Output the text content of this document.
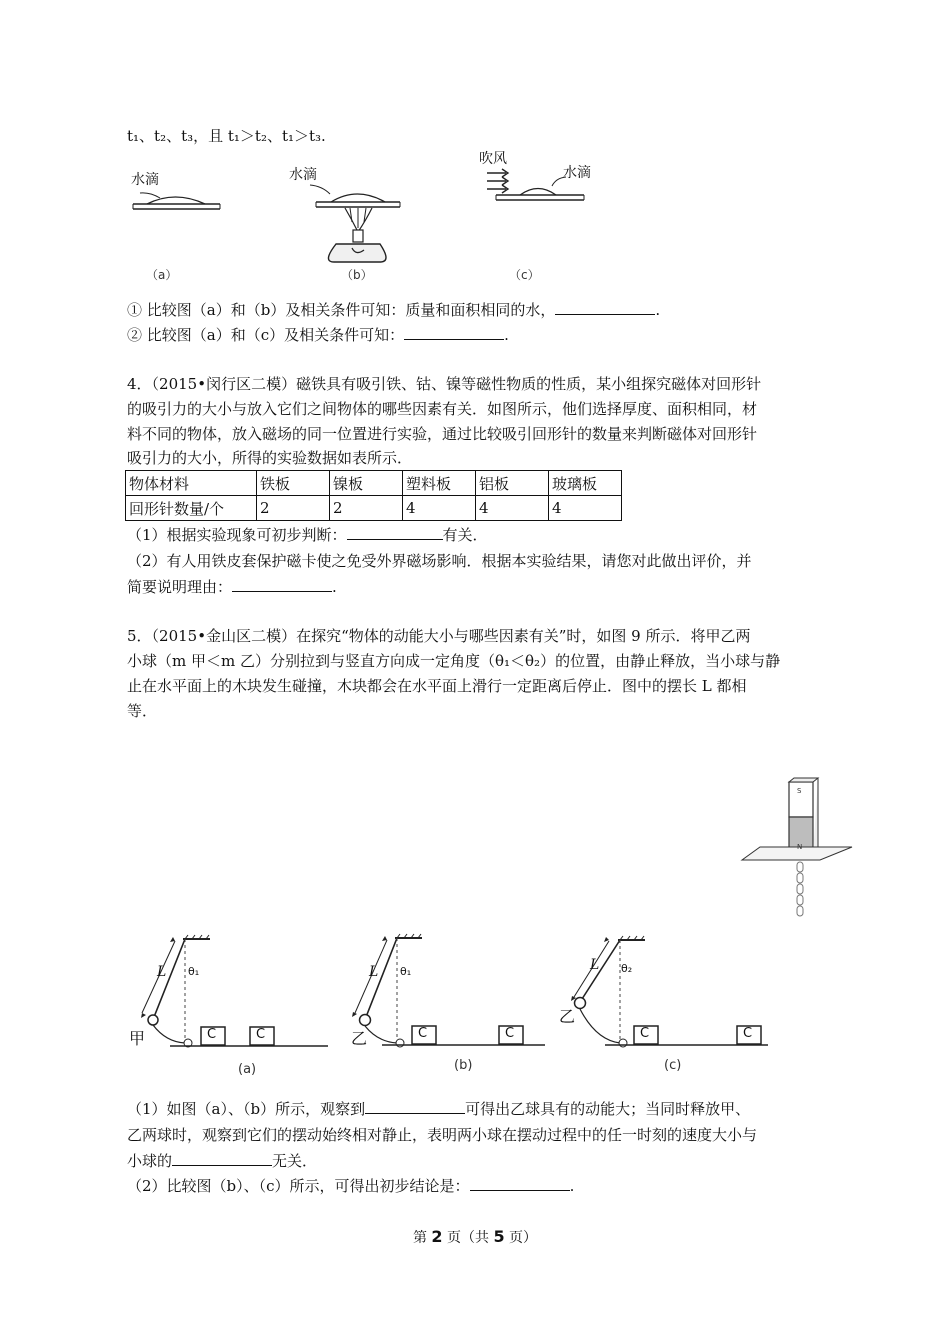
t₁、t₂、t₃，且 t₁＞t₂、t₁＞t₃.
水滴	水滴
吹风
水滴
（a）	（b）	（c）
① 比较图（a）和（b）及相关条件可知：质量和面积相同的水，	.
② 比较图（a）和（c）及相关条件可知：	.
4．（2015•闵行区二模）磁铁具有吸引铁、钴、镍等磁性物质的性质，某小组探究磁体对回形针
的吸引力的大小与放入它们之间物体的哪些因素有关．如图所示，他们选择厚度、面积相同，材
料不同的物体，放入磁场的同一位置进行实验，通过比较吸引回形针的数量来判断磁体对回形针
吸引力的大小，所得的实验数据如表所示．
物体材料	铁板	镍板	塑料板	铝板	玻璃板
回形针数量/个	2	2	4	4	4
（1）根据实验现象可初步判断：	有关．
（2）有人用铁皮套保护磁卡使之免受外界磁场影响．根据本实验结果，请您对此做出评价，并
简要说明理由：	.
5．（2015•金山区二模）在探究“物体的动能大小与哪些因素有关”时，如图 9 所示．将甲乙两
小球（m 甲＜m 乙）分别拉到与竖直方向成一定角度（θ₁＜θ₂）的位置，由静止释放，当小球与静
止在水平面上的木块发生碰撞，木块都会在水平面上滑行一定距离后停止．图中的摆长 L 都相
等．
S
N
甲	乙
乙
L	L	L
θ₁	θ₁	θ₂
C	C	C	C	C	C
(a)	(b)	(c)
（1）如图（a）、（b）所示，观察到	可得出乙球具有的动能大；当同时释放甲、
乙两球时，观察到它们的摆动始终相对静止，表明两小球在摆动过程中的任一时刻的速度大小与
小球的	无关．
（2）比较图（b）、（c）所示，可得出初步结论是：	.
第 2 页（共 5 页）
